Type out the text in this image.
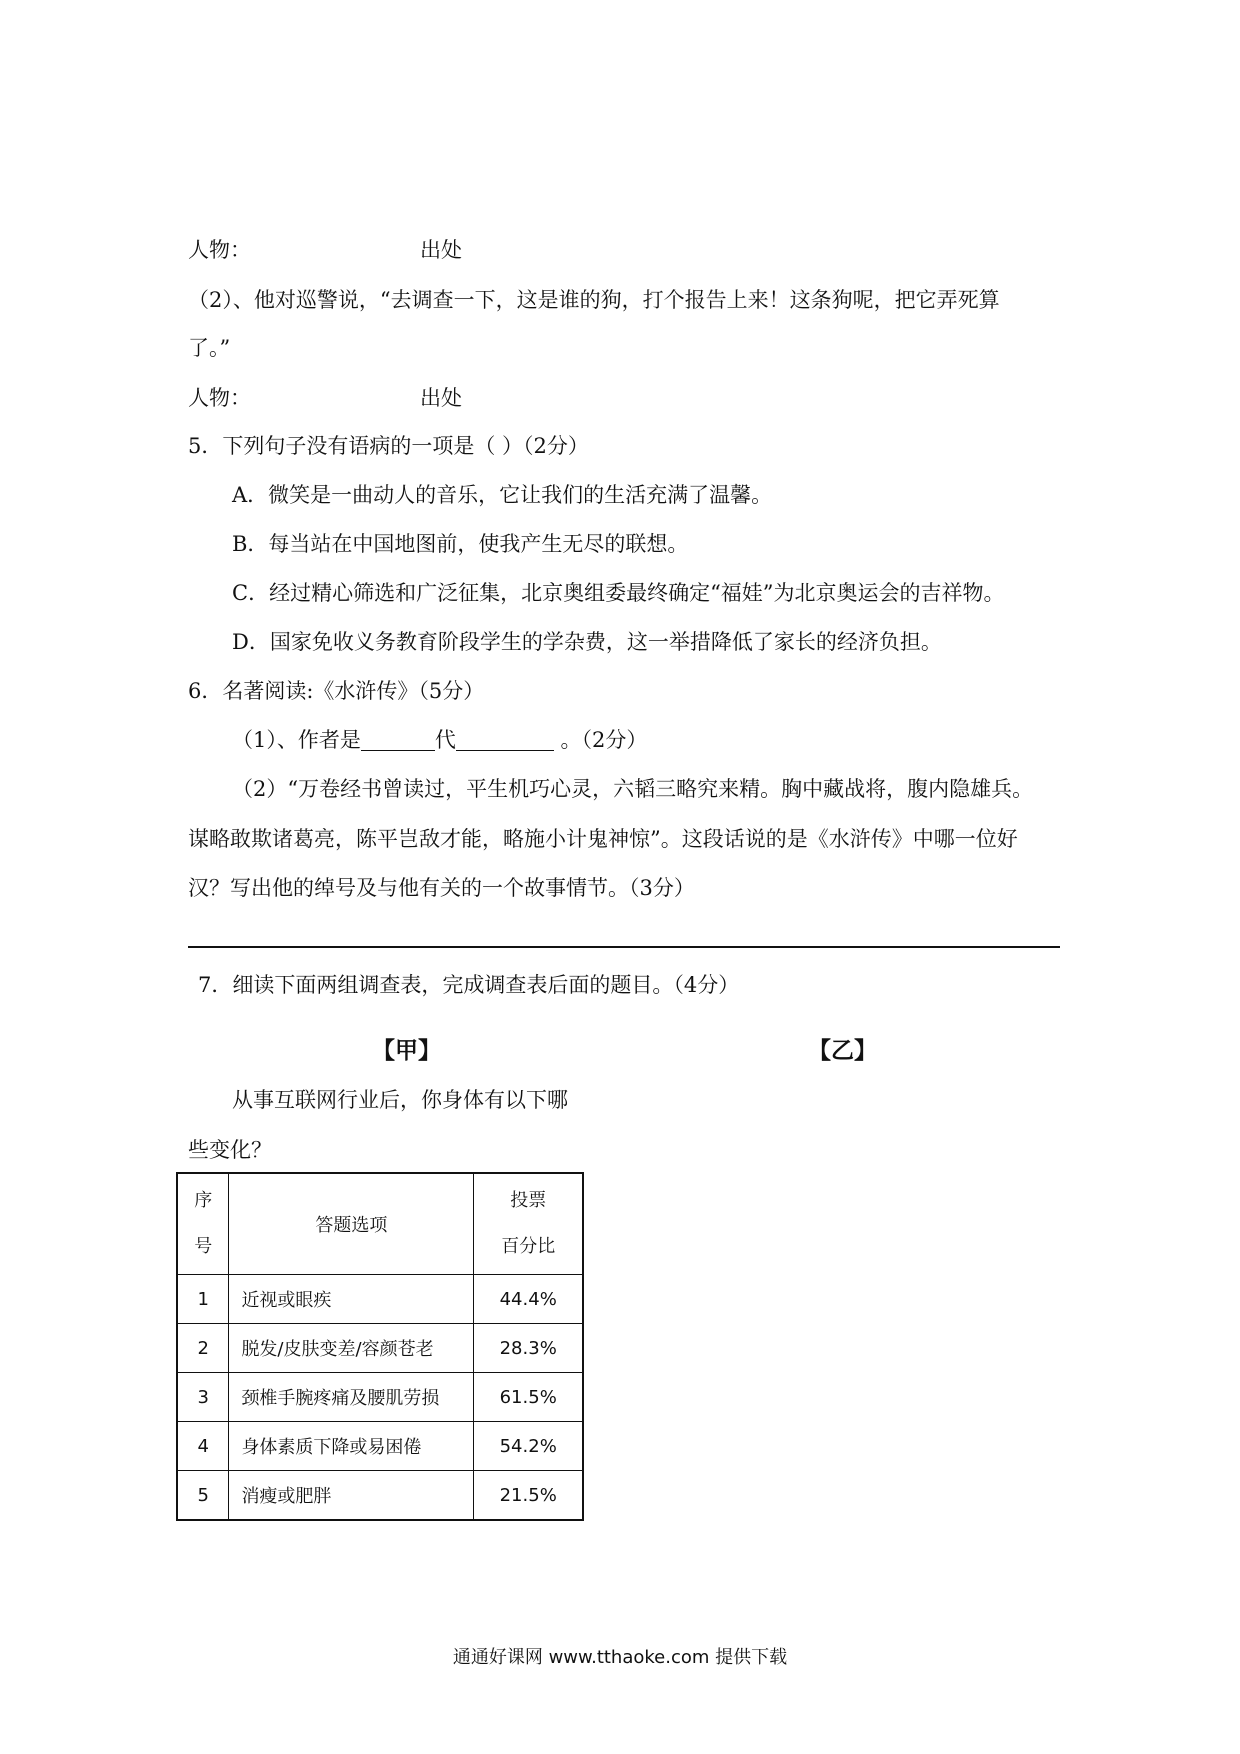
人物：	出处
（2）、他对巡警说，“去调查一下，这是谁的狗，打个报告上来！这条狗呢，把它弄死算
了。”
人物：	出处
5．下列句子没有语病的一项是（ ）（2分）
A．微笑是一曲动人的音乐，它让我们的生活充满了温馨。
B．每当站在中国地图前，使我产生无尽的联想。
C．经过精心筛选和广泛征集，北京奥组委最终确定“福娃”为北京奥运会的吉祥物。
D．国家免收义务教育阶段学生的学杂费，这一举措降低了家长的经济负担。
6．名著阅读:《水浒传》（5分）
（1）、作者是	代	。（2分）
（2）“万卷经书曾读过，平生机巧心灵，六韬三略究来精。胸中藏战将，腹内隐雄兵。
谋略敢欺诸葛亮，陈平岂敌才能，略施小计鬼神惊”。这段话说的是《水浒传》中哪一位好
汉？写出他的绰号及与他有关的一个故事情节。（3分）
7．细读下面两组调查表，完成调查表后面的题目。（4分）
【甲】	【乙】
从事互联网行业后，你身体有以下哪
些变化？
序
号	答题选项	投票
百分比
1	近视或眼疾	44.4%
2	脱发/皮肤变差/容颜苍老	28.3%
3	颈椎手腕疼痛及腰肌劳损	61.5%
4	身体素质下降或易困倦	54.2%
5	消瘦或肥胖	21.5%
通通好课网 www.tthaoke.com 提供下载
